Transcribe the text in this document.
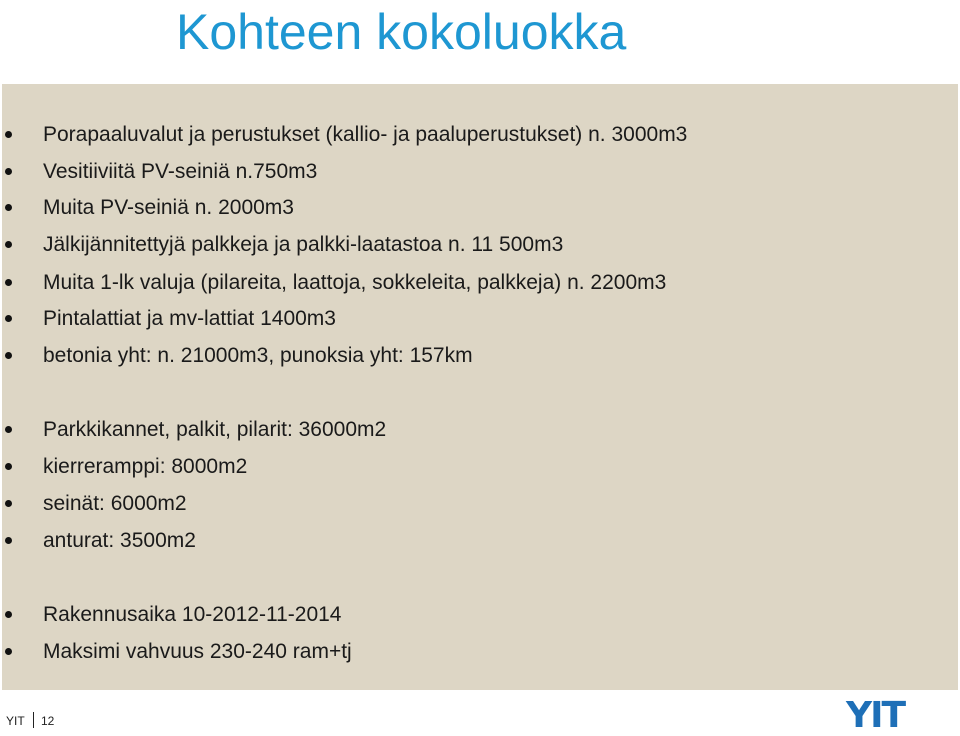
Kohteen kokoluokka
Porapaaluvalut ja perustukset (kallio- ja paaluperustukset) n. 3000m3
Vesitiiviitä PV-seiniä n.750m3
Muita PV-seiniä n. 2000m3
Jälkijännitettyjä palkkeja ja palkki-laatastoa n. 11 500m3
Muita 1-lk valuja (pilareita, laattoja, sokkeleita, palkkeja) n. 2200m3
Pintalattiat ja mv-lattiat 1400m3
betonia yht: n. 21000m3, punoksia yht: 157km
Parkkikannet, palkit, pilarit: 36000m2
kierreramppi: 8000m2
seinät: 6000m2
anturat: 3500m2
Rakennusaika 10-2012-11-2014
Maksimi vahvuus 230-240 ram+tj
YIT 12	YIT
